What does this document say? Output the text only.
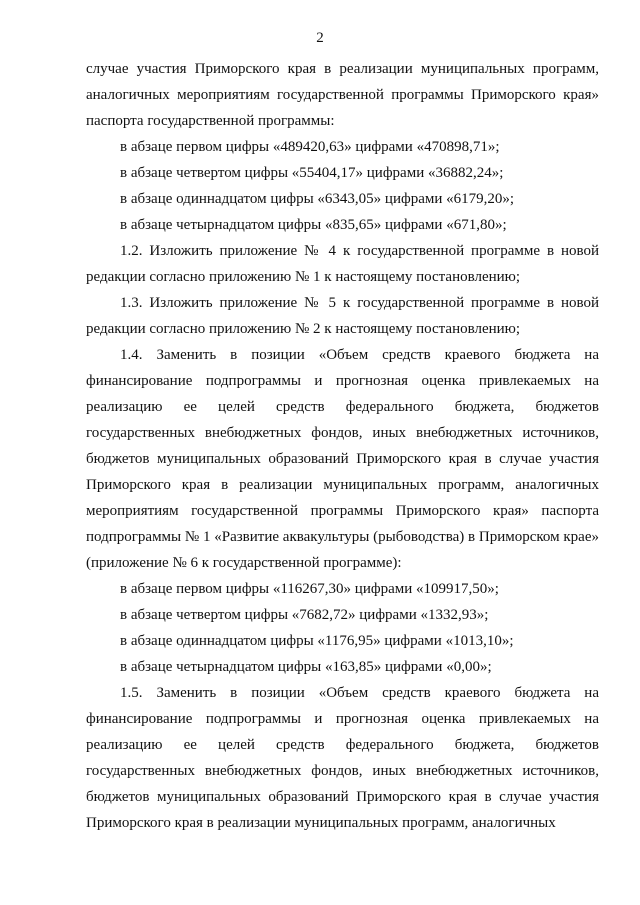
2

случае участия Приморского края в реализации муниципальных программ, аналогичных мероприятиям государственной программы Приморского края» паспорта государственной программы:

в абзаце первом цифры «489420,63» цифрами «470898,71»;

в абзаце четвертом цифры «55404,17» цифрами «36882,24»;

в абзаце одиннадцатом цифры «6343,05» цифрами «6179,20»;

в абзаце четырнадцатом цифры «835,65» цифрами «671,80»;

1.2. Изложить приложение № 4 к государственной программе в новой редакции согласно приложению № 1 к настоящему постановлению;

1.3. Изложить приложение № 5 к государственной программе в новой редакции согласно приложению № 2 к настоящему постановлению;

1.4. Заменить в позиции «Объем средств краевого бюджета на финансирование подпрограммы и прогнозная оценка привлекаемых на реализацию ее целей средств федерального бюджета, бюджетов государственных внебюджетных фондов, иных внебюджетных источников, бюджетов муниципальных образований Приморского края в случае участия Приморского края в реализации муниципальных программ, аналогичных мероприятиям государственной программы Приморского края» паспорта подпрограммы № 1 «Развитие аквакультуры (рыбоводства) в Приморском крае» (приложение № 6 к государственной программе):

в абзаце первом цифры «116267,30» цифрами «109917,50»;

в абзаце четвертом цифры «7682,72» цифрами «1332,93»;

в абзаце одиннадцатом цифры «1176,95» цифрами «1013,10»;

в абзаце четырнадцатом цифры «163,85» цифрами «0,00»;

1.5. Заменить в позиции «Объем средств краевого бюджета на финансирование подпрограммы и прогнозная оценка привлекаемых на реализацию ее целей средств федерального бюджета, бюджетов государственных внебюджетных фондов, иных внебюджетных источников, бюджетов муниципальных образований Приморского края в случае участия Приморского края в реализации муниципальных программ, аналогичных
